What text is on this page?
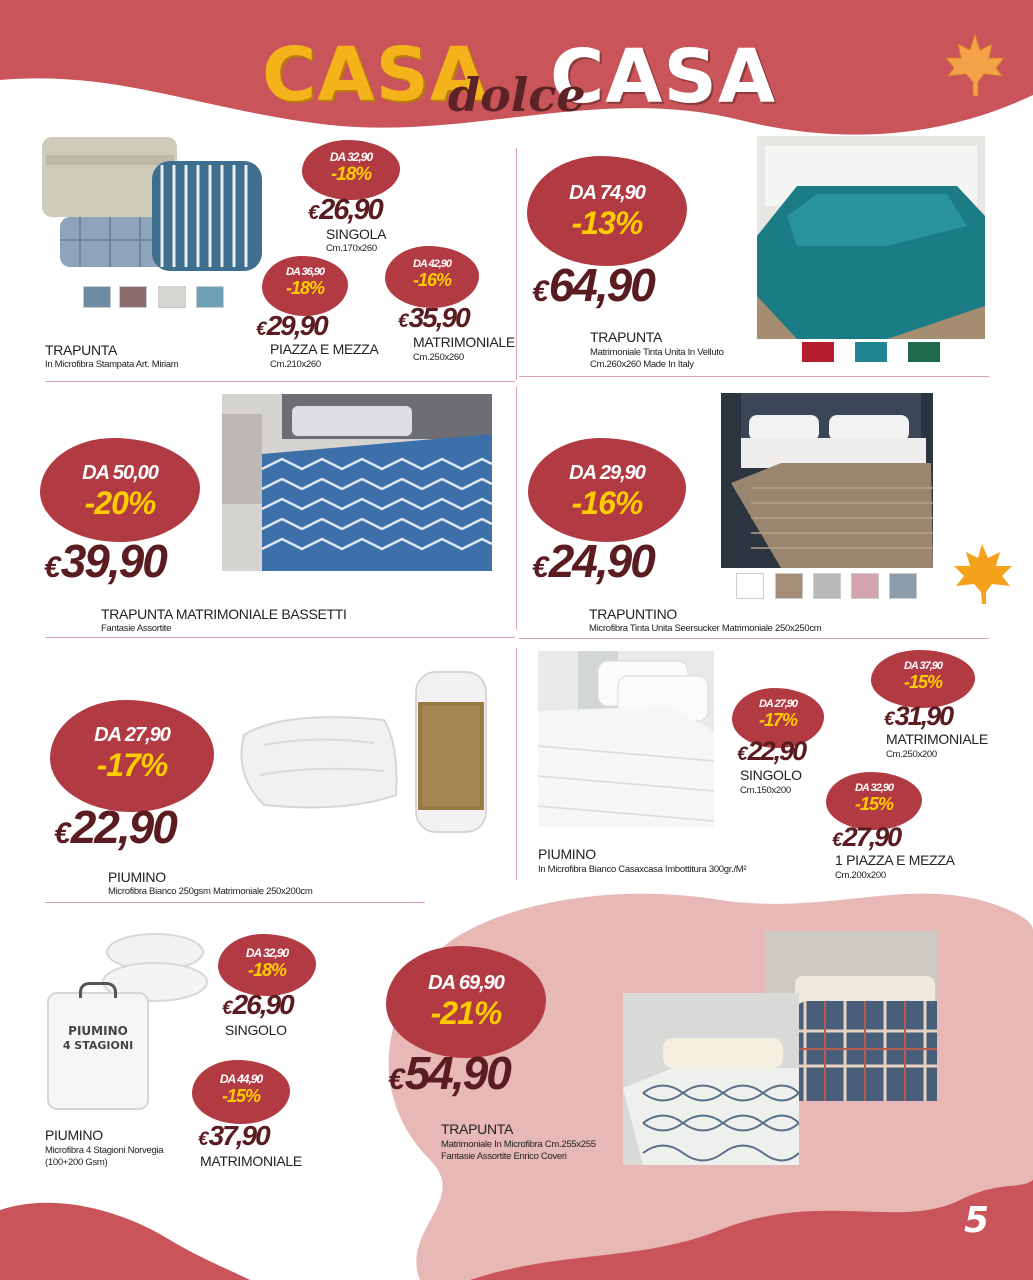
CASA CASA
dolce
TRAPUNTA
In Microfibra Stampata Art. Miriam
DA 32,90
-18%
€26,90
SINGOLA
Cm.170x260
DA 36,90
-18%
€29,90
PIAZZA E MEZZA
Cm.210x260
DA 42,90
-16%
€35,90
MATRIMONIALE
Cm.250x260
DA 74,90
-13%
€64,90
TRAPUNTA
Matrimoniale Tinta Unita In Velluto
Cm.260x260 Made In Italy
DA 50,00
-20%
€39,90
TRAPUNTA MATRIMONIALE BASSETTI
Fantasie Assortite
DA 29,90
-16%
€24,90
TRAPUNTINO
Microfibra Tinta Unita Seersucker Matrimoniale 250x250cm
DA 27,90
-17%
€22,90
PIUMINO
Microfibra Bianco 250gsm Matrimoniale 250x200cm
PIUMINO
In Microfibra Bianco Casaxcasa Imbottitura 300gr./M²
DA 27,90
-17%
€22,90
SINGOLO
Cm.150x200
DA 37,90
-15%
€31,90
MATRIMONIALE
Cm.250x200
DA 32,90
-15%
€27,90
1 PIAZZA E MEZZA
Cm.200x200
PIUMINO
4 STAGIONI
PIUMINO
Microfibra 4 Stagioni Norvegia
(100+200 Gsm)
DA 32,90
-18%
€26,90
SINGOLO
DA 44,90
-15%
€37,90
MATRIMONIALE
DA 69,90
-21%
€54,90
TRAPUNTA
Matrimoniale In Microfibra Cm.255x255
Fantasie Assortite Enrico Coveri
5
